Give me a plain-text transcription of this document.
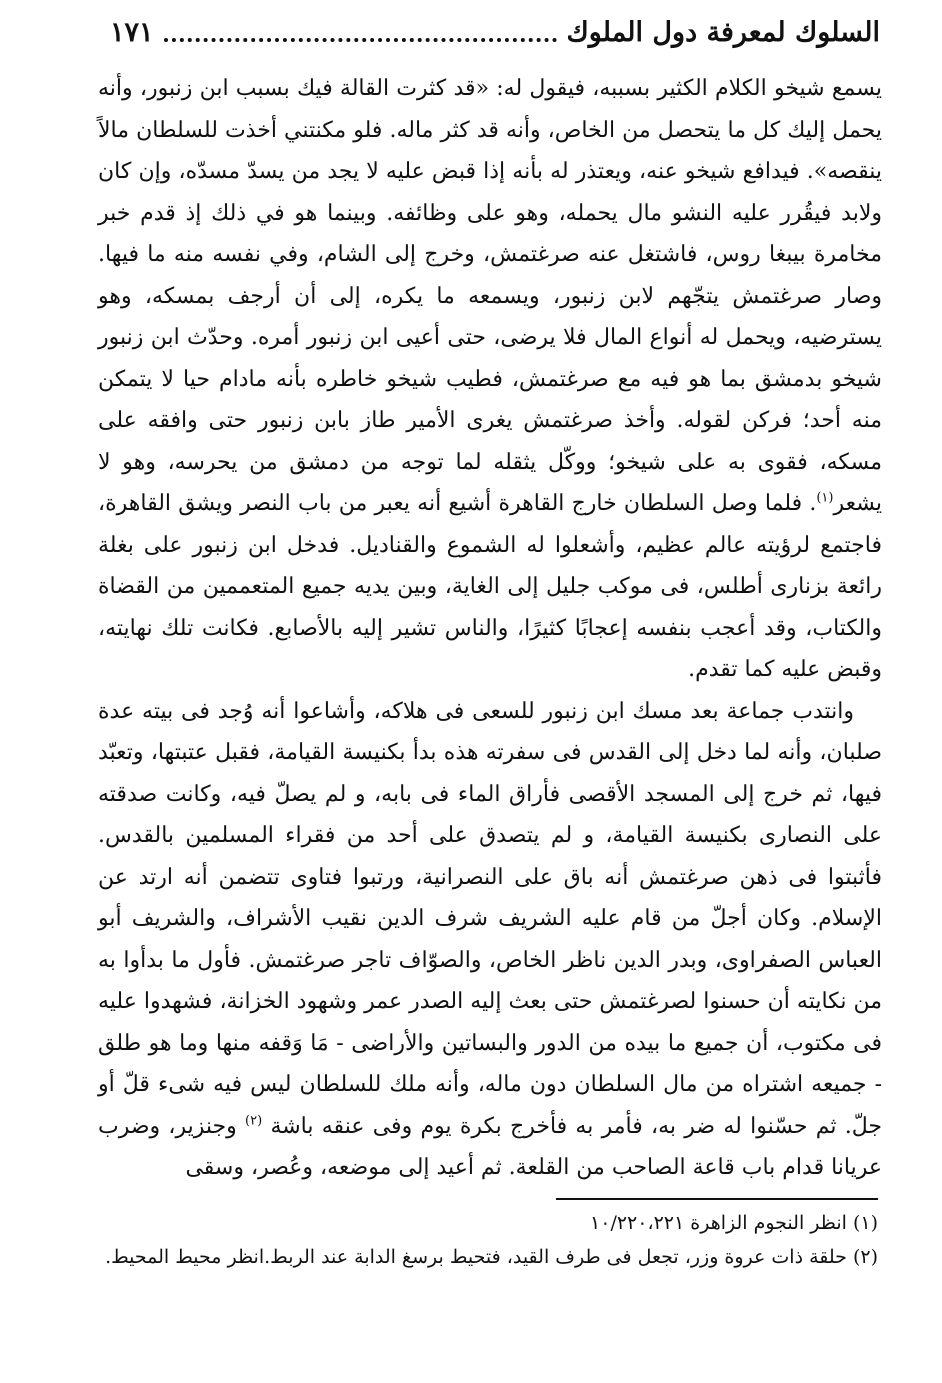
السلوك لمعرفة دول الملوك
١٧١

يسمع شيخو الكلام الكثير بسببه، فيقول له: «قد كثرت القالة فيك بسبب ابن زنبور، وأنه يحمل إليك كل ما يتحصل من الخاص، وأنه قد كثر ماله. فلو مكنتني أخذت للسلطان مالاً ينقصه». فيدافع شيخو عنه، ويعتذر له بأنه إذا قبض عليه لا يجد من يسدّ مسدّه، وإن كان ولابد فيقُرر عليه النشو مال يحمله، وهو على وظائفه. وبينما هو في ذلك إذ قدم خبر مخامرة بيبغا روس، فاشتغل عنه صرغتمش، وخرج إلى الشام، وفي نفسه منه ما فيها. وصار صرغتمش يتجّهم لابن زنبور، ويسمعه ما يكره، إلى أن أرجف بمسكه، وهو يسترضيه، ويحمل له أنواع المال فلا يرضى، حتى أعيى ابن زنبور أمره. وحدّث ابن زنبور شيخو بدمشق بما هو فيه مع صرغتمش، فطيب شيخو خاطره بأنه مادام حيا لا يتمكن منه أحد؛ فركن لقوله. وأخذ صرغتمش يغرى الأمير طاز بابن زنبور حتى وافقه على مسكه، فقوى به على شيخو؛ ووكّل يثقله لما توجه من دمشق من يحرسه، وهو لا يشعر$^{(١)}$. فلما وصل السلطان خارج القاهرة أشيع أنه يعبر من باب النصر ويشق القاهرة، فاجتمع لرؤيته عالم عظيم، وأشعلوا له الشموع والقناديل. فدخل ابن زنبور على بغلة رائعة بزنارى أطلس، فى موكب جليل إلى الغاية، وبين يديه جميع المتعممين من القضاة والكتاب، وقد أعجب بنفسه إعجابًا كثيرًا، والناس تشير إليه بالأصابع. فكانت تلك نهايته، وقبض عليه كما تقدم.

وانتدب جماعة بعد مسك ابن زنبور للسعى فى هلاكه، وأشاعوا أنه وُجد فى بيته عدة صلبان، وأنه لما دخل إلى القدس فى سفرته هذه بدأ بكنيسة القيامة، فقبل عتبتها، وتعبّد فيها، ثم خرج إلى المسجد الأقصى فأراق الماء فى بابه، و لم يصلّ فيه، وكانت صدقته على النصارى بكنيسة القيامة، و لم يتصدق على أحد من فقراء المسلمين بالقدس. فأثبتوا فى ذهن صرغتمش أنه باق على النصرانية، ورتبوا فتاوى تتضمن أنه ارتد عن الإسلام. وكان أجلّ من قام عليه الشريف شرف الدين نقيب الأشراف، والشريف أبو العباس الصفراوى، وبدر الدين ناظر الخاص، والصوّاف تاجر صرغتمش. فأول ما بدأوا به من نكايته أن حسنوا لصرغتمش حتى بعث إليه الصدر عمر وشهود الخزانة، فشهدوا عليه فى مكتوب، أن جميع ما بيده من الدور والبساتين والأراضى - مَا وَقفه منها وما هو طلق - جميعه اشتراه من مال السلطان دون ماله، وأنه ملك للسلطان ليس فيه شىء قلّ أو جلّ. ثم حسّنوا له ضر به، فأمر به فأخرج بكرة يوم وفى عنقه باشة $^{(٢)}$ وجنزير، وضرب عريانا قدام باب قاعة الصاحب من القلعة. ثم أعيد إلى موضعه، وعُصر، وسقى

(١) انظر النجوم الزاهرة ١٠/٢٢٠،٢٢١

(٢) حلقة ذات عروة وزر، تجعل فى طرف القيد، فتحيط برسغ الدابة عند الربط.انظر محيط المحيط.
